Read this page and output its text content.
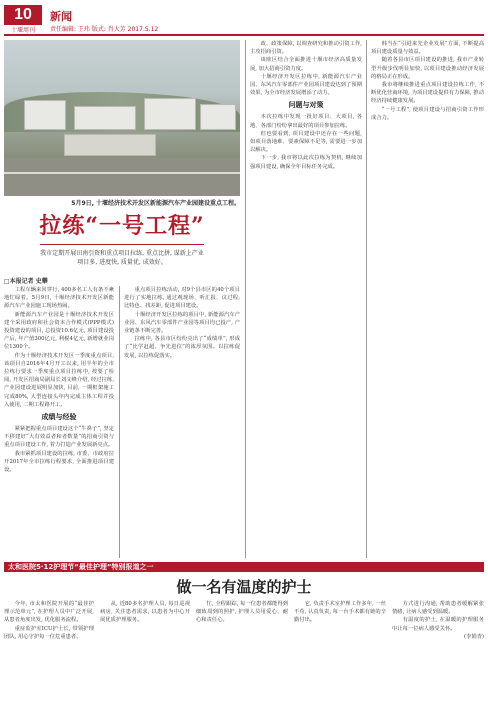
10
十堰周刊
新闻
责任编辑: 王玮 版式: 肖大芳 2017.5.12
5月9日, 十堰经济技术开发区新能源汽车产业园建设重点工程。
拉练“一号工程”
我市定期开展田南引资和重点项目拉练, 重点比拼, 谋新上产业项目多, 进度快, 质量优, 成效好。
□本报记者 史攀

工程车辆来回穿行, 400多名工人有条不紊地忙碌着。5月9日, 十堰经济技术开发区新能源汽车产业园施工现场热闹。

新能源汽车产业园是十堰经济技术开发区建个采用政府和社会资本合作模式(PPP模式)投资建设的项目, 总投资10.6亿元, 项目建设投产后, 年产值300亿元, 利税4亿元, 新增就业岗位1300个。

作为十堰经济技术开发区一季度重点项目, 该项目自2016年4月开工以来, 用半年的全市拉练行要求一季度重点项目拉练中, 按要了检阅, 开发区招商局副局长刘文峰介绍, 经过拉练, 产业园建设进展明显加快, 目前, 一期框架施工完成80%, 大型连接头年内完成主体工程并投入使用, 二期工程路开工。

成绩与经验

紧紧把握重点项目建设这个“牛鼻子”, 坚定不移建好“大有效益者和者数量”的招商引资与重点项目建设工作, 着力打造产业发展新亮点。

我市紧抓项目建设的拉练, 市委、市政府拉开2017年全市拉练行程要求, 全面推进项目建设。

重点项目拉练活动, 对9个县市区的40个项目进行了实地拉练, 通过观现场、听汇报、议过程, 比特色、找差距, 促进项目建设。

十堰经济开发区拉练的项目中, 新能源汽车产业园、东风汽车零部件产业园等项目均已投产, 产业链条不断完善。

拉练中, 各县市区纷纷亮出了“成绩单”, 形成了“比学赶超、争先进位”的浓厚氛围。以拉练促发展, 以拉练促落实。

政、政策保障, 以调查研究和推动引资工作, 主攻招商引资。

谈欧区结合全面推进十堰市经济高质量发展, 加大招商引资力度。

十堰经济开发区拉练中, 新能源汽车产业园、东风汽车零部件产业园项目建设达到了预期效果, 为全市经济发展增添了动力。

问题与对策

本次拉练中发现一批好项目、大项目, 各地、各部门纷纷拿出最好的项目参加拉练。

但也要看到, 项目建设中还存在一些问题, 如项目落地难、要素保障不足等, 需要进一步加以解决。

下一步, 我市将以此次拉练为契机, 继续加强项目建设, 确保全年目标任务完成。

韩当在“引进来先企业发展”方面, 不断提高项目建设质量与效益。

随着各县市区项目建设的推进, 我市产业转型升级步伐明显加快, 以项目建设推动经济发展的格局正在形成。

我市将继续推进重点项目建设拉练工作, 不断优化营商环境, 为项目建设提供有力保障, 推动经济持续健康发展。

“一号工程”, 使项目建设与招商引资工作形成合力。

太和医院5·12护理节“最佳护理”特别报道之一
做一名有温度的护士

今年, 市太和医院开展的“最佳护理示范单元”, 在护理人员中广泛开展, 从患者角度出发, 优化服务流程。

重症监护室ICU护士长, 带领护理团队, 用心守护每一位危重患者。

从, 近80多名护理人员, 每日巡视病房, 关注患者需求, 以患者为中心开展优质护理服务。

忙, 全程跟踪, 每一位患者都能得到细致周到的照护, 护理人员用爱心、耐心和责任心。

它, 负责手术室护理工作多年, 一丝不苟, 认真负责, 每一台手术都有她的辛勤付出。

方式进行沟通, 帮助患者缓解紧张情绪, 让病人感受到温暖。

有温度的护士, 在温暖的护理服务中让每一位病人感受关怀。

(李娟青)
